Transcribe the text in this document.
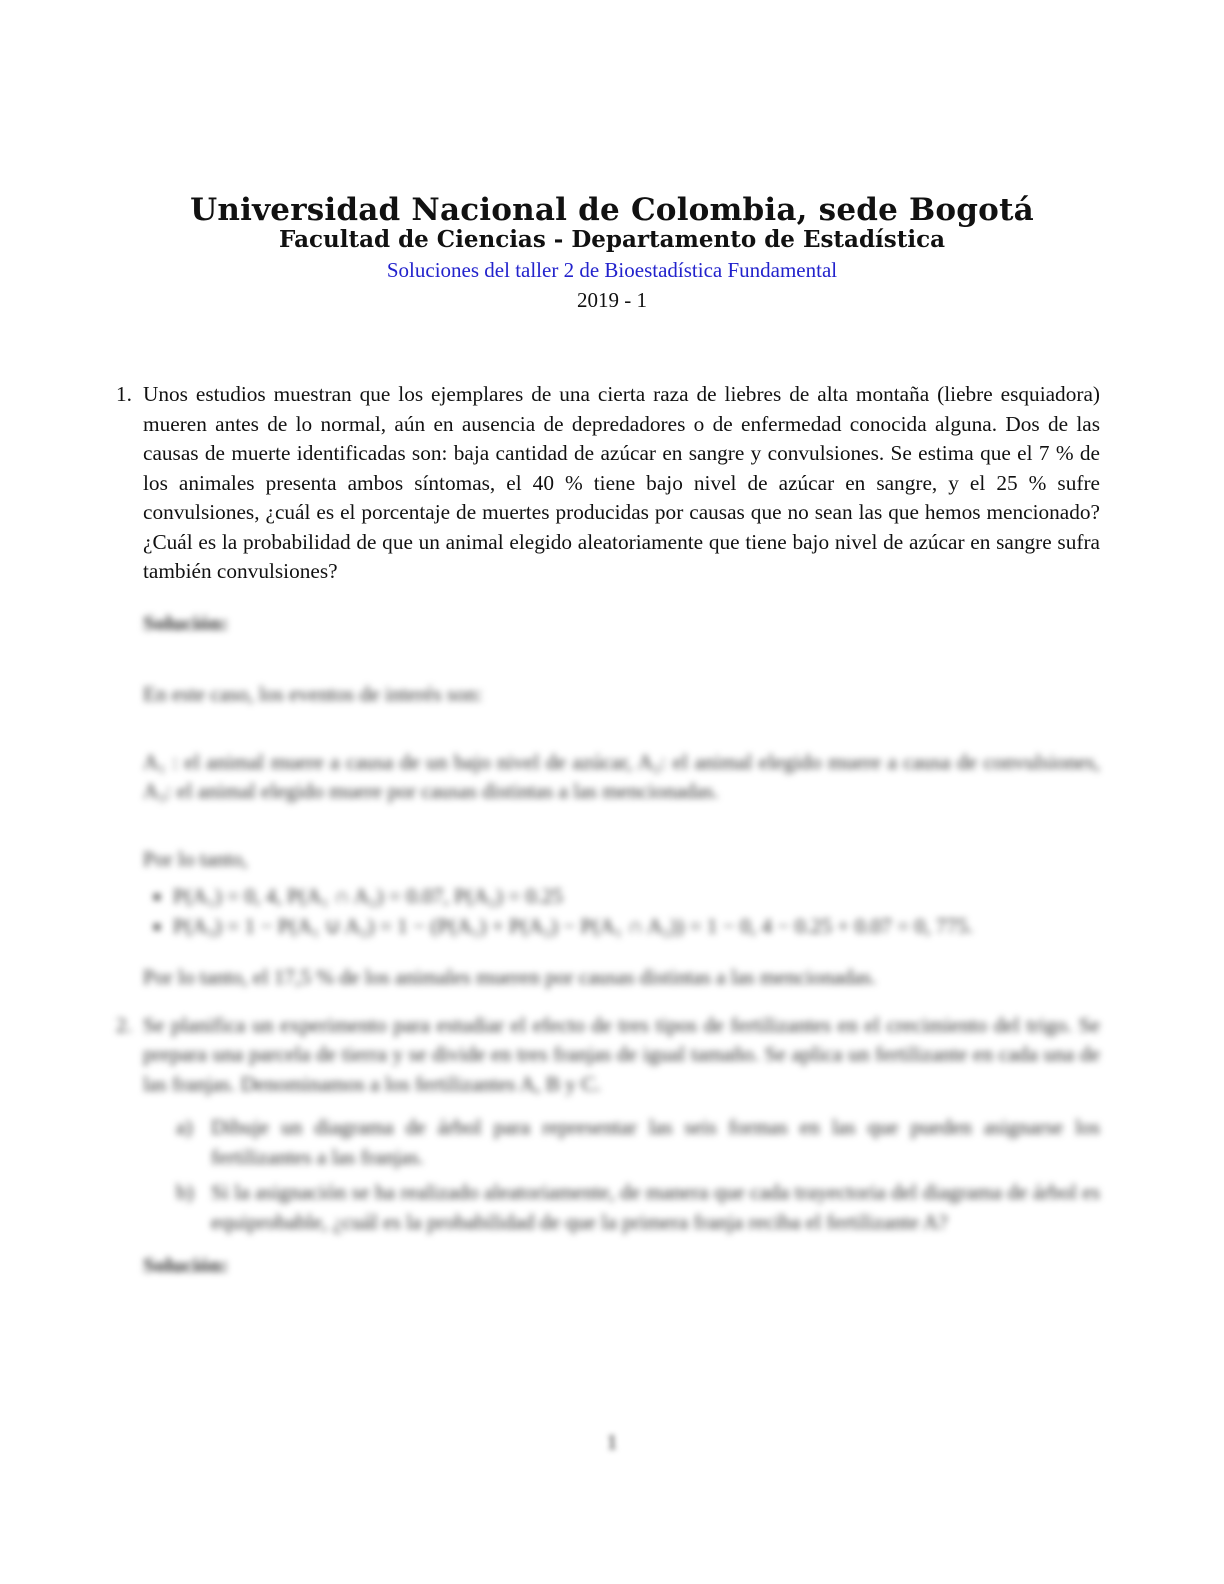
Universidad Nacional de Colombia, sede Bogotá
Facultad de Ciencias - Departamento de Estadística
Soluciones del taller 2 de Bioestadística Fundamental
2019 - 1
1. Unos estudios muestran que los ejemplares de una cierta raza de liebres de alta montaña (liebre esquiadora) mueren antes de lo normal, aún en ausencia de depredadores o de enfermedad conocida alguna. Dos de las causas de muerte identificadas son: baja cantidad de azúcar en sangre y convulsiones. Se estima que el 7 % de los animales presenta ambos síntomas, el 40 % tiene bajo nivel de azúcar en sangre, y el 25 % sufre convulsiones, ¿cuál es el porcentaje de muertes producidas por causas que no sean las que hemos mencionado? ¿Cuál es la probabilidad de que un animal elegido aleatoriamente que tiene bajo nivel de azúcar en sangre sufra también convulsiones?
Solución:
En este caso, los eventos de interés son:
A₁ : el animal muere a causa de un bajo nivel de azúcar, A₂: el animal elegido muere a causa de convulsiones, A₃: el animal elegido muere por causas distintas a las mencionadas.
Por lo tanto,
▪ P(A₁) = 0, 4, P(A₁ ∩ A₂) = 0.07, P(A₂) = 0.25
▪ P(A₃) = 1 − P(A₁ ∪ A₂) = 1 − (P(A₁) + P(A₂) − P(A₁ ∩ A₂)) = 1 − 0, 4 − 0.25 + 0.07 = 0, 775.
Por lo tanto, el 17,5 % de los animales mueren por causas distintas a las mencionadas.
2. Se planifica un experimento para estudiar el efecto de tres tipos de fertilizantes en el crecimiento del trigo. Se prepara una parcela de tierra y se divide en tres franjas de igual tamaño. Se aplica un fertilizante en cada una de las franjas. Denominamos a los fertilizantes A, B y C.
a) Dibuje un diagrama de árbol para representar las seis formas en las que pueden asignarse los fertilizantes a las franjas.
b) Si la asignación se ha realizado aleatoriamente, de manera que cada trayectoria del diagrama de árbol es equiprobable, ¿cuál es la probabilidad de que la primera franja reciba el fertilizante A?
Solución:
1
